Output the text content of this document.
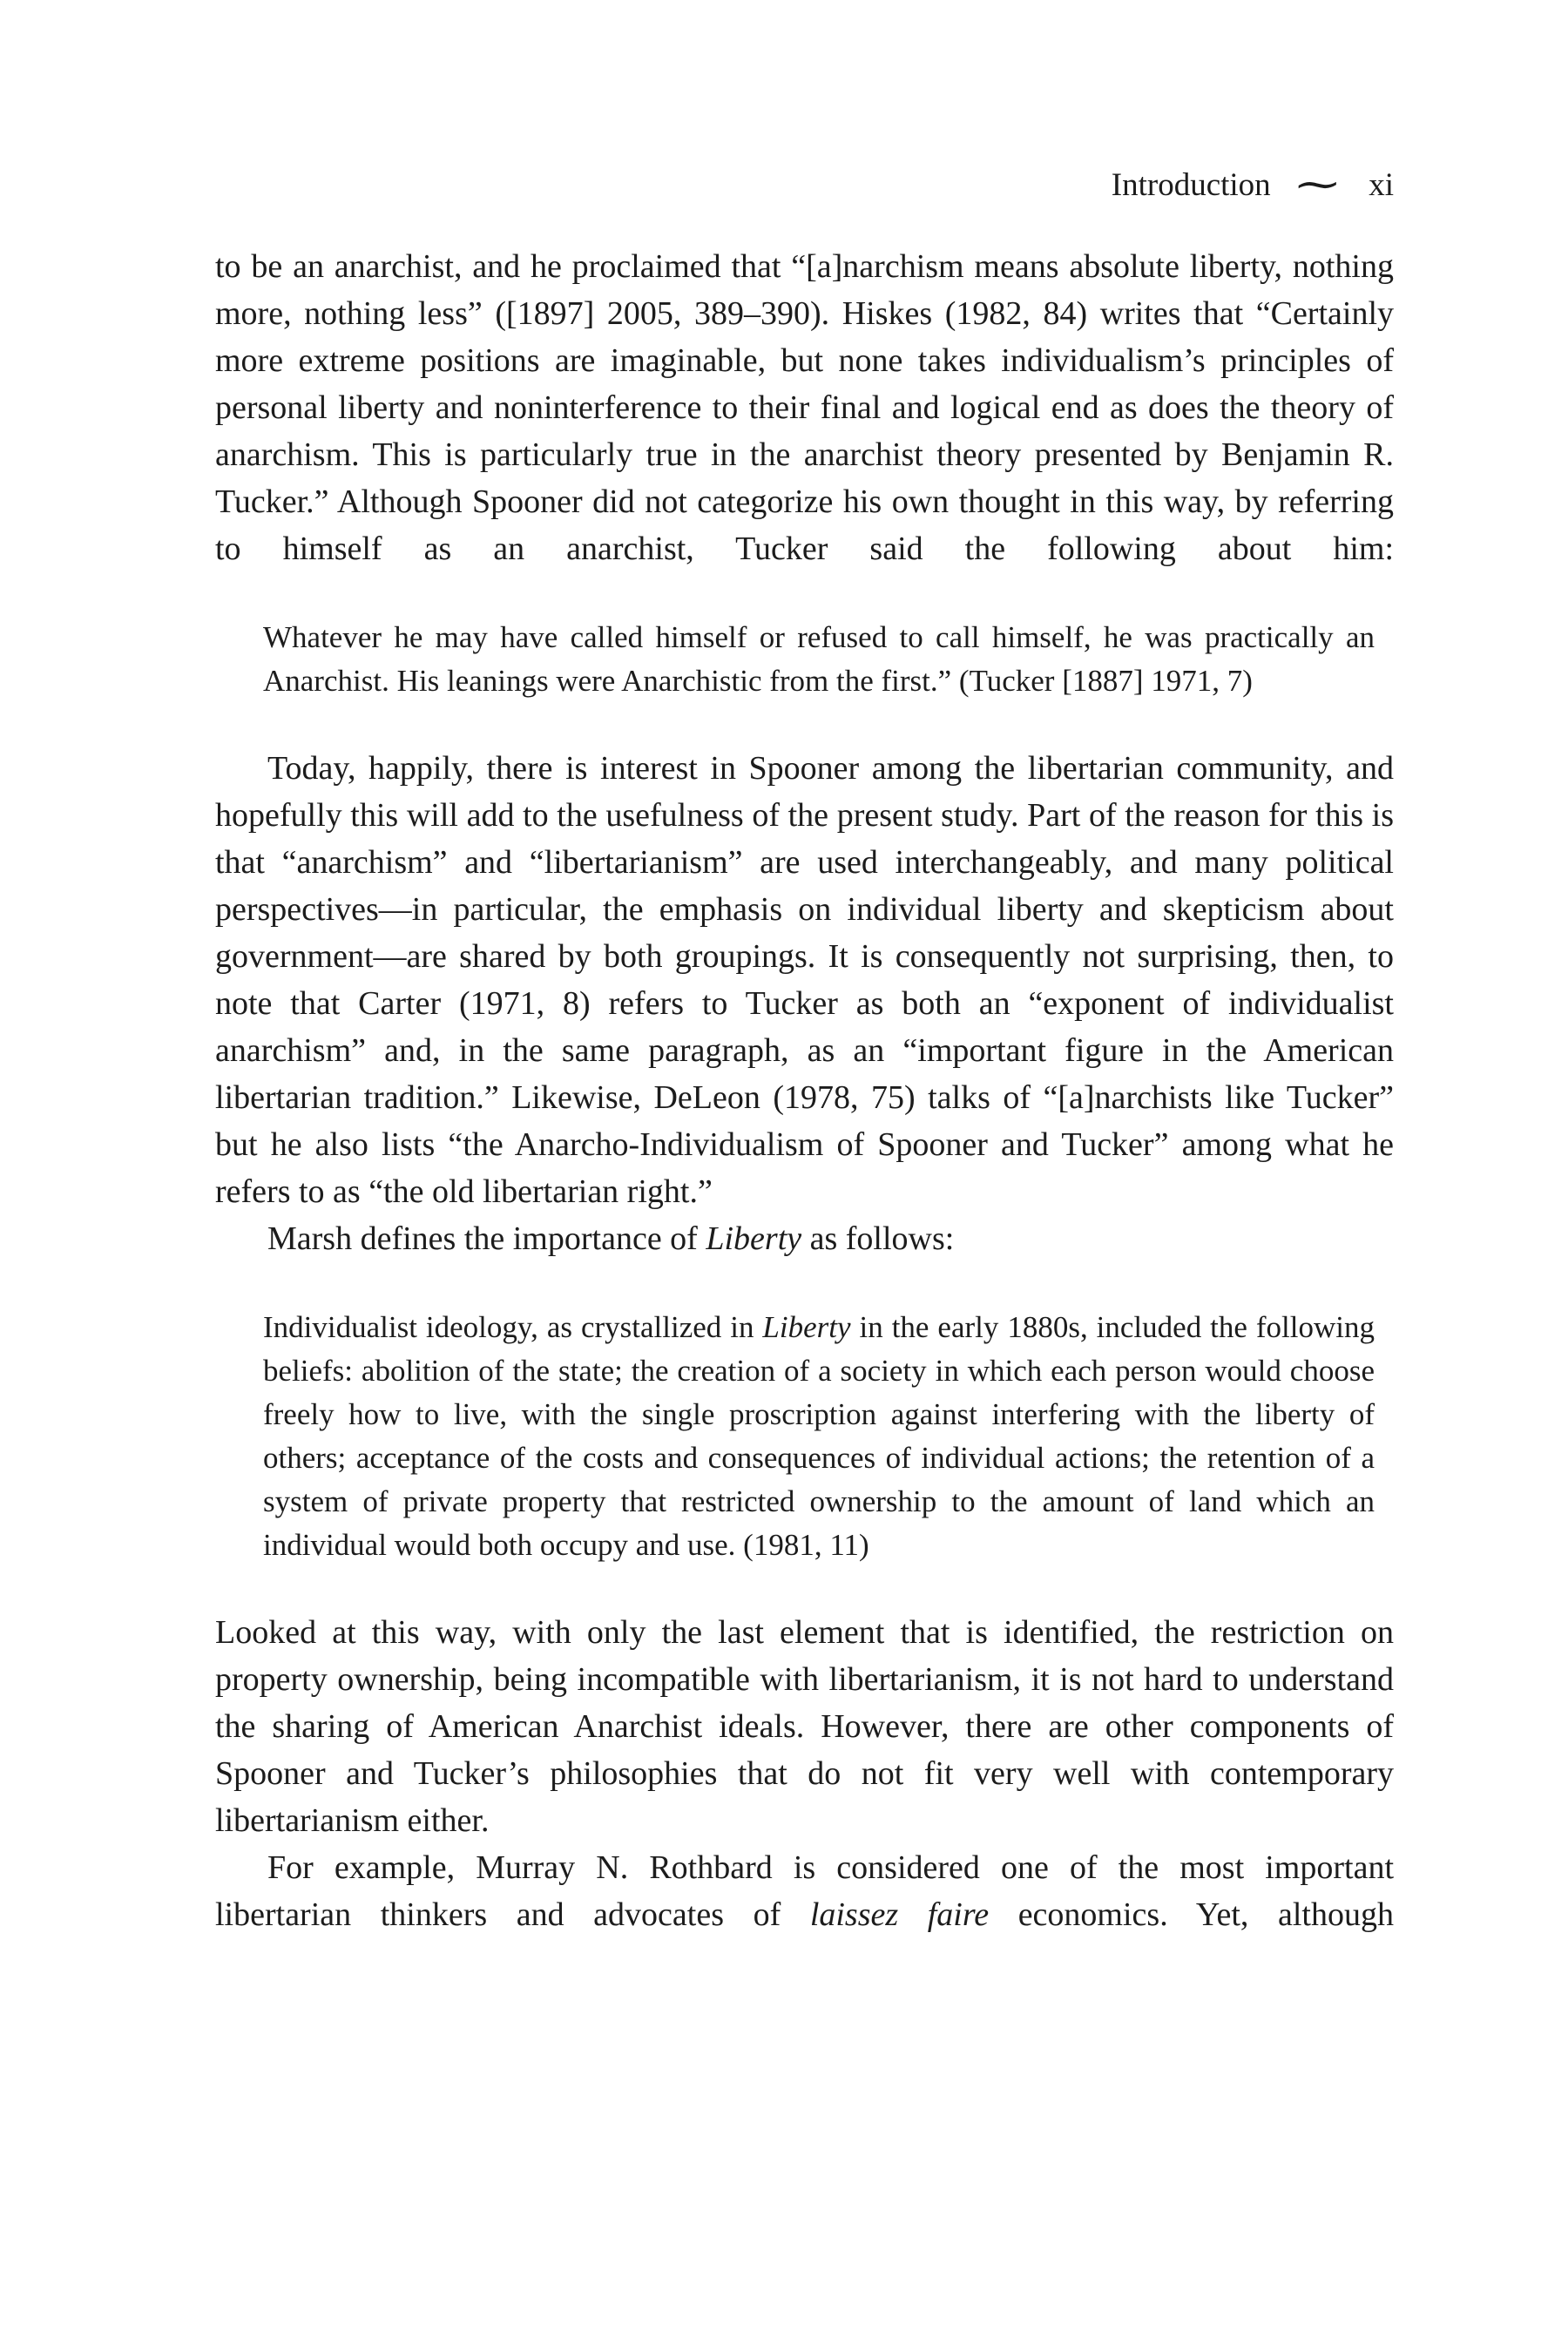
Introduction ∼ xi

to be an anarchist, and he proclaimed that “[a]narchism means absolute liberty, nothing more, nothing less” ([1897] 2005, 389–390). Hiskes (1982, 84) writes that “Certainly more extreme positions are imaginable, but none takes individualism’s principles of personal liberty and noninterference to their final and logical end as does the theory of anarchism. This is particularly true in the anarchist theory presented by Benjamin R. Tucker.” Although Spooner did not categorize his own thought in this way, by referring to himself as an anarchist, Tucker said the following about him:

Whatever he may have called himself or refused to call himself, he was practically an Anarchist. His leanings were Anarchistic from the first.” (Tucker [1887] 1971, 7)

Today, happily, there is interest in Spooner among the libertarian community, and hopefully this will add to the usefulness of the present study. Part of the reason for this is that “anarchism” and “libertarianism” are used interchangeably, and many political perspectives—in particular, the emphasis on individual liberty and skepticism about government—are shared by both groupings. It is consequently not surprising, then, to note that Carter (1971, 8) refers to Tucker as both an “exponent of individualist anarchism” and, in the same paragraph, as an “important figure in the American libertarian tradition.” Likewise, DeLeon (1978, 75) talks of “[a]narchists like Tucker” but he also lists “the Anarcho-Individualism of Spooner and Tucker” among what he refers to as “the old libertarian right.”

Marsh defines the importance of Liberty as follows:

Individualist ideology, as crystallized in Liberty in the early 1880s, included the following beliefs: abolition of the state; the creation of a society in which each person would choose freely how to live, with the single proscription against interfering with the liberty of others; acceptance of the costs and consequences of individual actions; the retention of a system of private property that restricted ownership to the amount of land which an individual would both occupy and use. (1981, 11)

Looked at this way, with only the last element that is identified, the restriction on property ownership, being incompatible with libertarianism, it is not hard to understand the sharing of American Anarchist ideals. However, there are other components of Spooner and Tucker’s philosophies that do not fit very well with contemporary libertarianism either.

For example, Murray N. Rothbard is considered one of the most important libertarian thinkers and advocates of laissez faire economics. Yet, although
